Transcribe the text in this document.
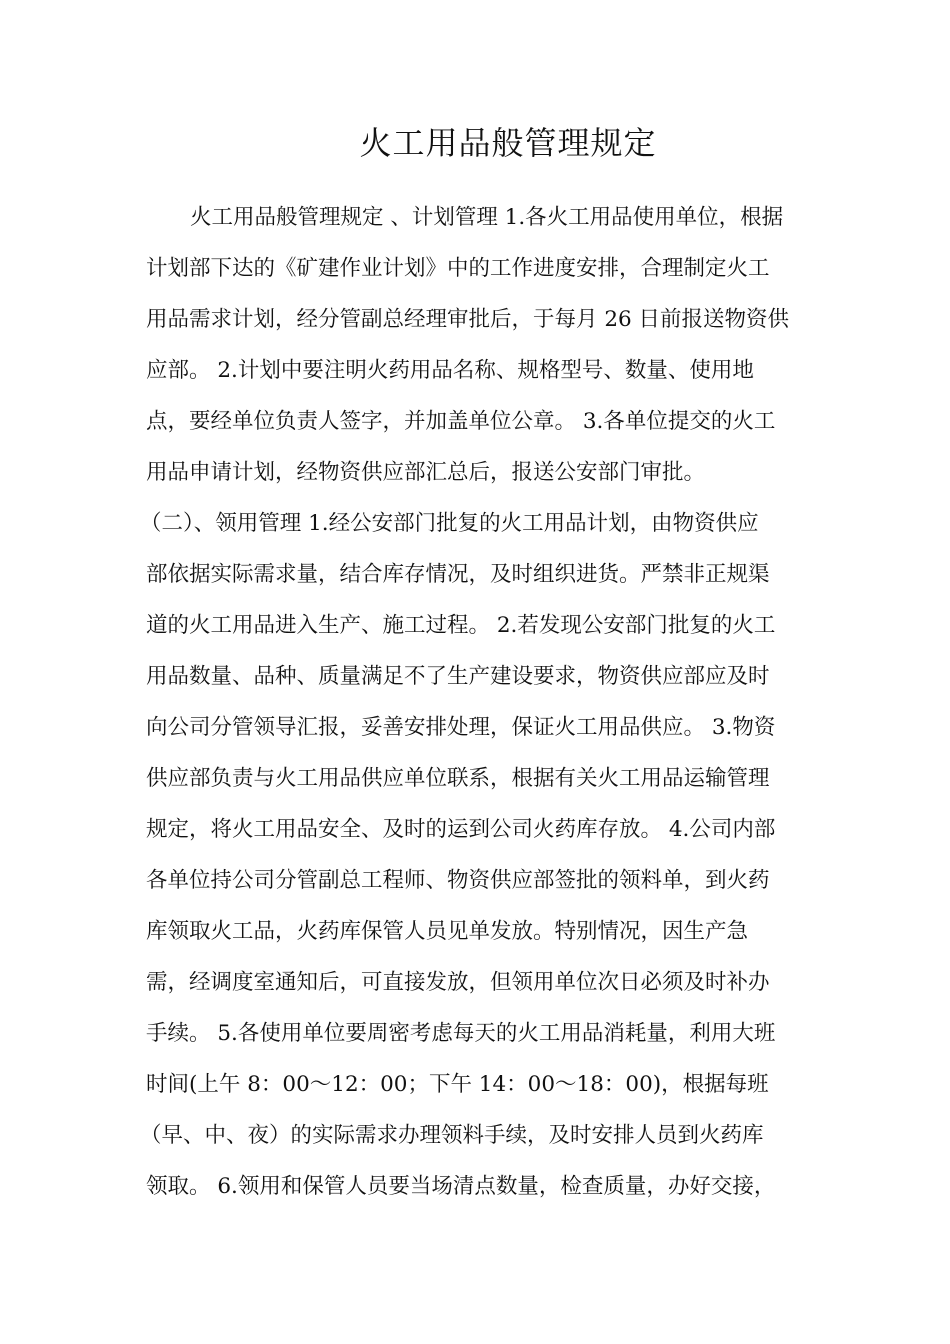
火工用品般管理规定
火工用品般管理规定 、计划管理 1.各火工用品使用单位，根据
计划部下达的《矿建作业计划》中的工作进度安排，合理制定火工
用品需求计划，经分管副总经理审批后，于每月 26 日前报送物资供
应部。 2.计划中要注明火药用品名称、规格型号、数量、使用地
点，要经单位负责人签字，并加盖单位公章。 3.各单位提交的火工
用品申请计划，经物资供应部汇总后，报送公安部门审批。
（二）、领用管理 1.经公安部门批复的火工用品计划，由物资供应
部依据实际需求量，结合库存情况，及时组织进货。严禁非正规渠
道的火工用品进入生产、施工过程。 2.若发现公安部门批复的火工
用品数量、品种、质量满足不了生产建设要求，物资供应部应及时
向公司分管领导汇报，妥善安排处理，保证火工用品供应。 3.物资
供应部负责与火工用品供应单位联系，根据有关火工用品运输管理
规定，将火工用品安全、及时的运到公司火药库存放。 4.公司内部
各单位持公司分管副总工程师、物资供应部签批的领料单，到火药
库领取火工品，火药库保管人员见单发放。特别情况，因生产急
需，经调度室通知后，可直接发放，但领用单位次日必须及时补办
手续。 5.各使用单位要周密考虑每天的火工用品消耗量，利用大班
时间(上午 8：00～12：00；下午 14：00～18：00)，根据每班
（早、中、夜）的实际需求办理领料手续，及时安排人员到火药库
领取。 6.领用和保管人员要当场清点数量，检查质量，办好交接，
